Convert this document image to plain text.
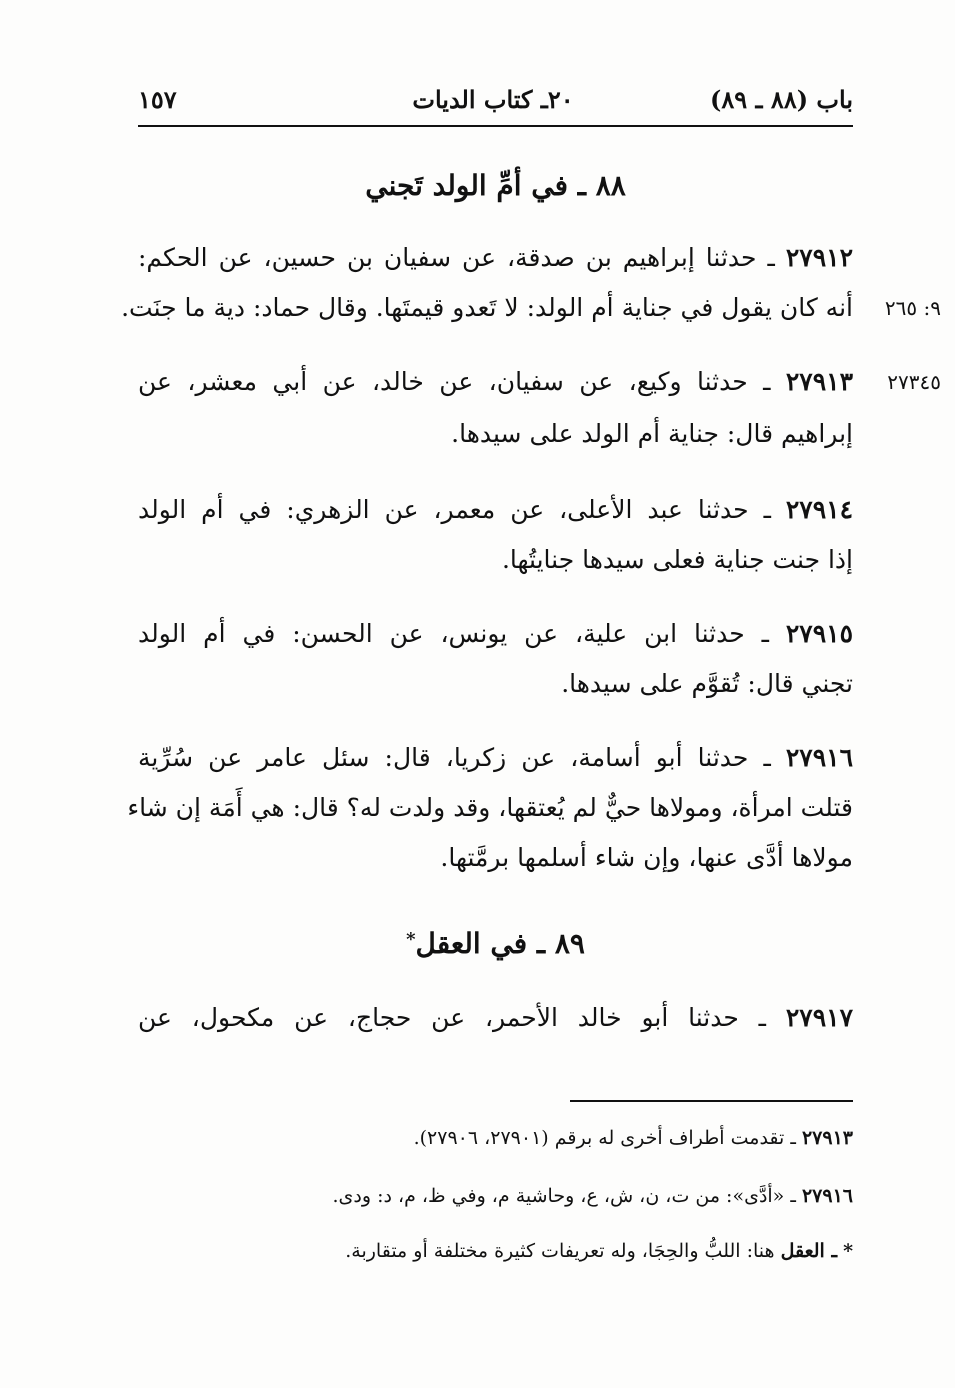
باب (٨٨ ـ ٨٩)
٢٠ـ كتاب الديات
١٥٧
٨٨ ـ في أمِّ الولد تَجني
٢٧٩١٢ ـ حدثنا إبراهيم بن صدقة، عن سفيان بن حسين، عن الحكم:
أنه كان يقول في جناية أم الولد: لا تَعدو قيمتَها. وقال حماد: دية ما جنَت.	٩: ٢٦٥
٢٧٩١٣ ـ حدثنا وكيع، عن سفيان، عن خالد، عن أبي معشر، عن
إبراهيم قال: جناية أم الولد على سيدها.
٢٧٣٤٥
٢٧٩١٤ ـ حدثنا عبد الأعلى، عن معمر، عن الزهري: في أم الولد
إذا جنت جناية فعلى سيدها جنايتُها.
٢٧٩١٥ ـ حدثنا ابن علية، عن يونس، عن الحسن: في أم الولد
تجني قال: تُقوَّم على سيدها.
٢٧٩١٦ ـ حدثنا أبو أسامة، عن زكريا، قال: سئل عامر عن سُرِّية
قتلت امرأة، ومولاها حيٌّ لم يُعتقها، وقد ولدت له؟ قال: هي أَمَة إن شاء
مولاها أدَّى عنها، وإن شاء أسلمها برمَّتها.
٨٩ ـ في العقل*
٢٧٩١٧ ـ حدثنا أبو خالد الأحمر، عن حجاج، عن مكحول، عن
٢٧٩١٣ ـ تقدمت أطراف أخرى له برقم (٢٧٩٠١، ٢٧٩٠٦).
٢٧٩١٦ ـ «أدَّى»: من ت، ن، ش، ع، وحاشية م، وفي ظ، م، د: ودى.
* ـ العقل هنا: اللبُّ والحِجَا، وله تعريفات كثيرة مختلفة أو متقاربة.
